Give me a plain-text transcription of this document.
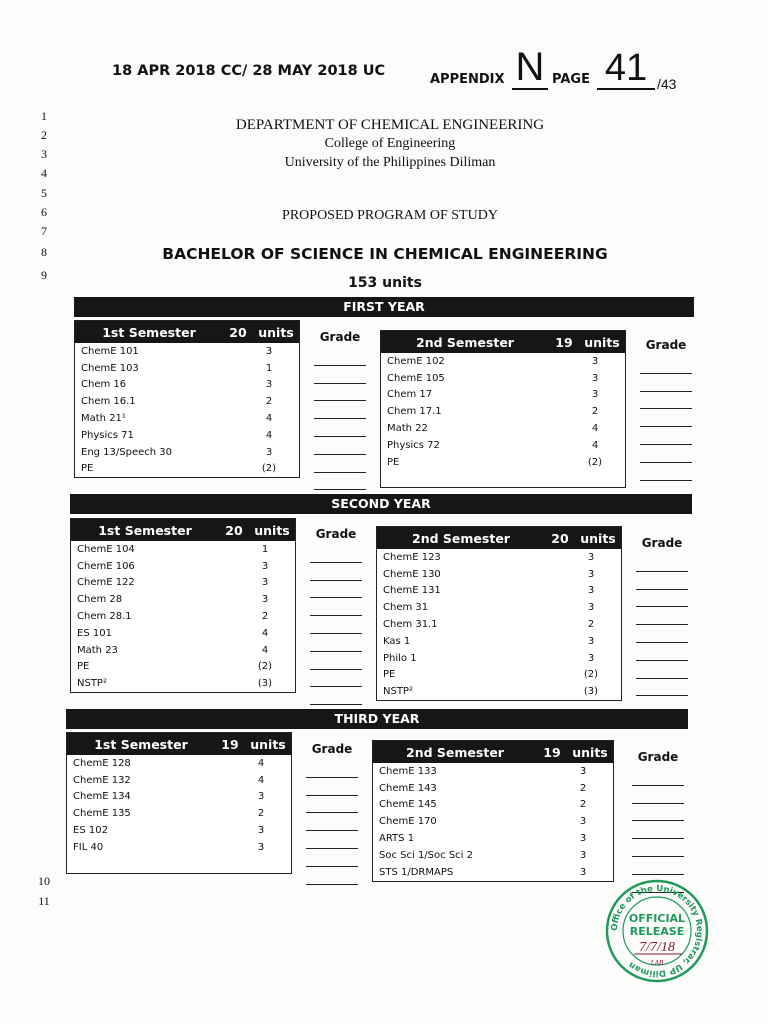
18 APR 2018 CC/ 28 MAY 2018 UC
APPENDIX N PAGE 41 /43
1
2
3
4
5
6
7
8
9
10
11
DEPARTMENT OF CHEMICAL ENGINEERING
College of Engineering
University of the Philippines Diliman
PROPOSED PROGRAM OF STUDY
BACHELOR OF SCIENCE IN CHEMICAL ENGINEERING
153 units
FIRST YEAR
1st Semester	20 units
ChemE 101	3
ChemE 103	1
Chem 16	3
Chem 16.1	2
Math 21¹	4
Physics 71	4
Eng 13/Speech 30	3
PE	(2)
Grade	2nd Semester	19 units
ChemE 102	3
ChemE 105	3
Chem 17	3
Chem 17.1	2
Math 22	4
Physics 72	4
PE	(2)
Grade
SECOND YEAR
1st Semester	20 units
ChemE 104	1
ChemE 106	3
ChemE 122	3
Chem 28	3
Chem 28.1	2
ES 101	4
Math 23	4
PE	(2)
NSTP²	(3)
Grade	2nd Semester	20 units
ChemE 123	3
ChemE 130	3
ChemE 131	3
Chem 31	3
Chem 31.1	2
Kas 1	3
Philo 1	3
PE	(2)
NSTP²	(3)
Grade
THIRD YEAR
1st Semester	19 units
ChemE 128	4
ChemE 132	4
ChemE 134	3
ChemE 135	2
ES 102	3
FIL 40	3
Grade	2nd Semester	19 units
ChemE 133	3
ChemE 143	2
ChemE 145	2
ChemE 170	3
ARTS 1	3
Soc Sci 1/Soc Sci 2	3
STS 1/DRMAPS	3
Grade
Office of the University Registrar, UP Diliman
OFFICIAL
RELEASE
7/7/18
LAB
